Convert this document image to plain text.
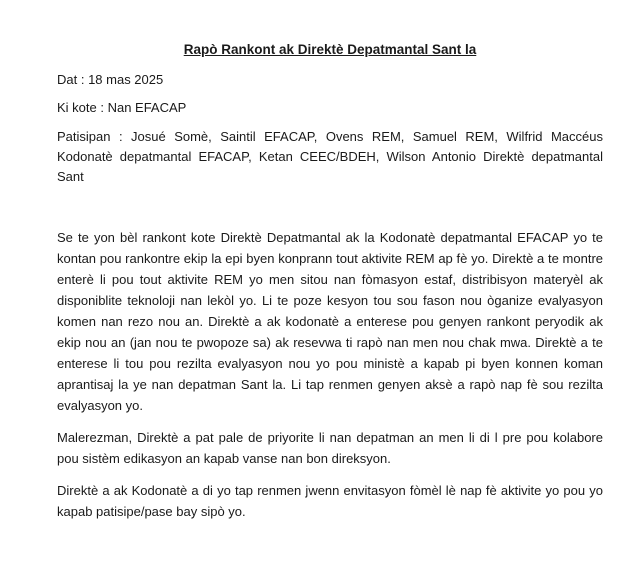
Rapò Rankont ak Direktè Depatmantal Sant la
Dat : 18 mas 2025
Ki kote : Nan EFACAP
Patisipan : Josué Somè, Saintil EFACAP, Ovens REM, Samuel REM, Wilfrid Maccéus Kodonatè depatmantal EFACAP, Ketan CEEC/BDEH, Wilson Antonio Direktè depatmantal Sant
Se te yon bèl rankont kote Direktè Depatmantal ak la Kodonatè depatmantal EFACAP yo te kontan pou rankontre ekip la epi byen konprann tout aktivite REM ap fè yo. Direktè a te montre enterè li pou tout aktivite REM yo men sitou nan fòmasyon estaf, distribisyon materyèl ak disponiblite teknoloji nan lekòl yo. Li te poze kesyon tou sou fason nou òganize evalyasyon komen nan rezo nou an. Direktè a ak kodonatè a enterese pou genyen rankont peryodik ak ekip nou an (jan nou te pwopoze sa) ak resevwa ti rapò nan men nou chak mwa. Direktè a te enterese li tou pou rezilta evalyasyon nou yo pou ministè a kapab pi byen konnen koman aprantisaj la ye nan depatman Sant la. Li tap renmen genyen aksè a rapò nap fè sou rezilta evalyasyon yo.
Malerezman, Direktè a pat pale de priyorite li nan depatman an men li di l pre pou kolabore pou sistèm edikasyon an kapab vanse nan bon direksyon.
Direktè a ak Kodonatè a di yo tap renmen jwenn envitasyon fòmèl lè nap fè aktivite yo pou yo kapab patisipe/pase bay sipò yo.
